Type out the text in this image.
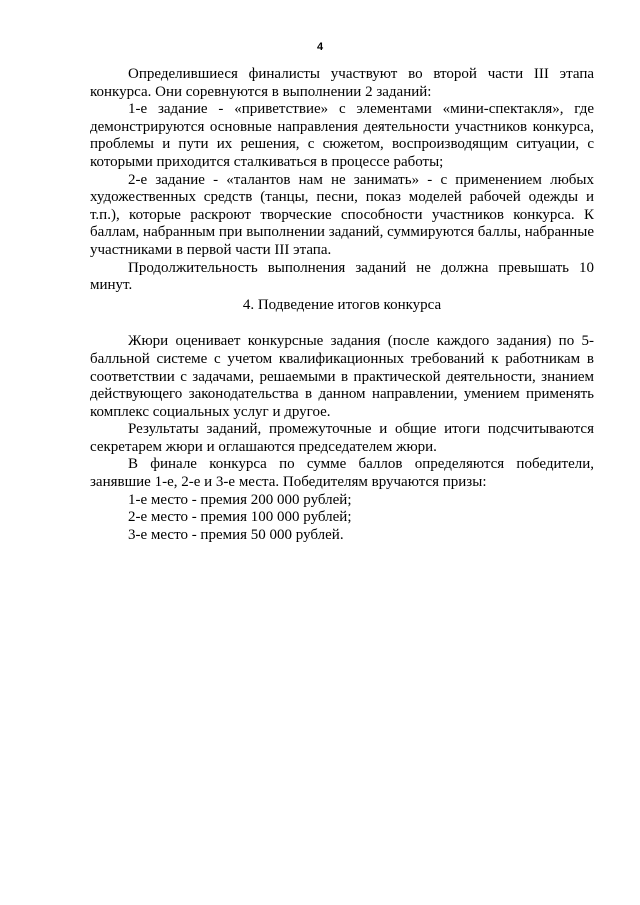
4

Определившиеся финалисты участвуют во второй части III этапа конкурса. Они соревнуются в выполнении 2 заданий:

1-е задание - «приветствие» с элементами «мини-спектакля», где демонстрируются основные направления деятельности участников конкурса, проблемы и пути их решения, с сюжетом, воспроизводящим ситуации, с которыми приходится сталкиваться в процессе работы;

2-е задание - «талантов нам не занимать» - с применением любых художественных средств (танцы, песни, показ моделей рабочей одежды и т.п.), которые раскроют творческие способности участников конкурса. К баллам, набранным при выполнении заданий, суммируются баллы, набранные участниками в первой части III этапа.

Продолжительность выполнения заданий не должна превышать 10 минут.

4. Подведение итогов конкурса

Жюри оценивает конкурсные задания (после каждого задания) по 5-балльной системе с учетом квалификационных требований к работникам в соответствии с задачами, решаемыми в практической деятельности, знанием действующего законодательства в данном направлении, умением применять комплекс социальных услуг и другое.

Результаты заданий, промежуточные и общие итоги подсчитываются секретарем жюри и оглашаются председателем жюри.

В финале конкурса по сумме баллов определяются победители, занявшие 1-е, 2-е и 3-е места. Победителям вручаются призы:

1-е место - премия 200 000 рублей;

2-е место - премия 100 000 рублей;

3-е место - премия 50 000 рублей.
